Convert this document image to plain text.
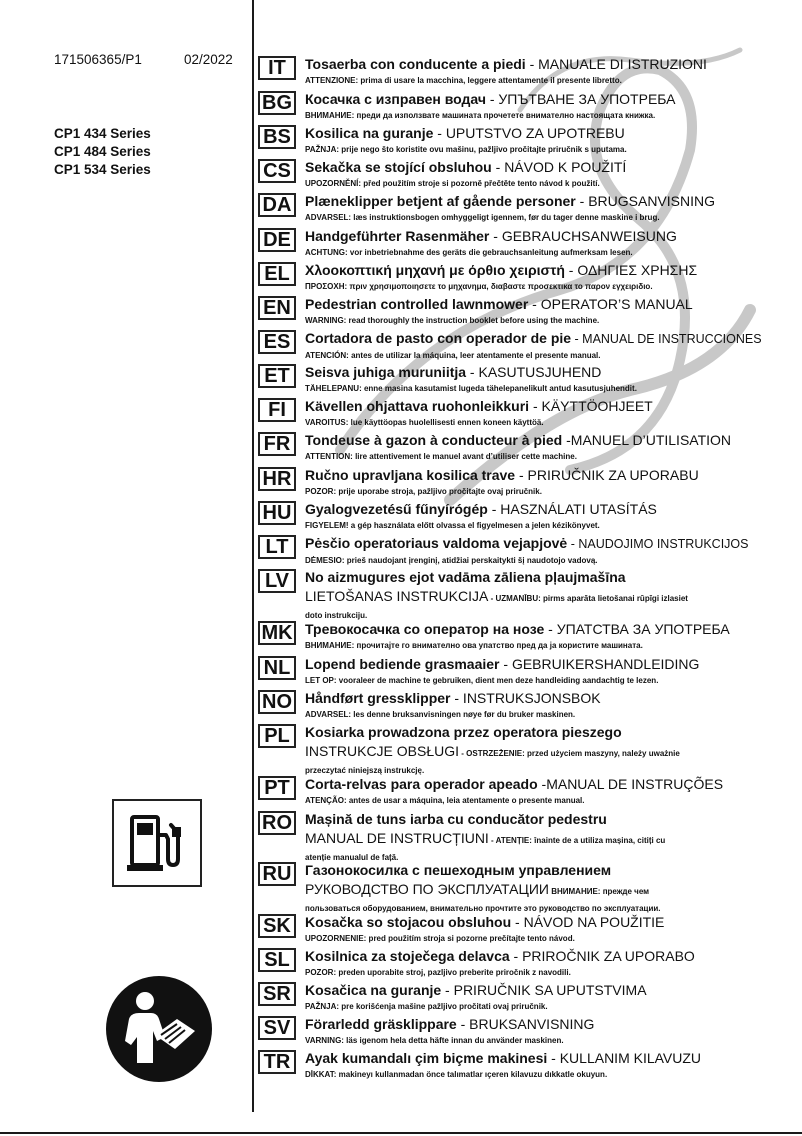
171506365/P1	02/2022
CP1 434 Series
CP1 484 Series
CP1 534 Series
IT	Tosaerba con conducente a piedi - MANUALE DI ISTRUZIONI
ATTENZIONE: prima di usare la macchina, leggere attentamente il presente libretto.
BG Косачка с изправен водач - УПЪТВАНЕ ЗА УПОТРЕБА
ВНИМАНИЕ: преди да използвате машината прочетете внимателно настоящата книжка.
BS	Kosilica na guranje - UPUTSTVO ZA UPOTREBU
PAŽNJA: prije nego što koristite ovu mašinu, pažljivo pročitajte priručnik s uputama.
CS	Sekačka se stojící obsluhou - NÁVOD K POUŽITÍ
UPOZORNĚNÍ: před použitím stroje si pozorně přečtěte tento návod k použití.
DA Plæneklipper betjent af gående personer - BRUGSANVISNING
ADVARSEL: læs instruktionsbogen omhyggeligt igennem, før du tager denne maskine i brug.
DE	Handgeführter Rasenmäher - GEBRAUCHSANWEISUNG
ACHTUNG: vor inbetriebnahme des geräts die gebrauchsanleitung aufmerksam lesen.
EL	Χλοοκοπτική μηχανή με όρθιο χειριστή - ΟΔΗΓΙΕΣ ΧΡΗΣΗΣ
ΠΡΟΣΟΧΗ: πριν χρησιμοποιησετε το μηχανημα, διαβαστε προσεκτικα το παρον εγχειριδιο.
EN	Pedestrian controlled lawnmower - OPERATOR’S MANUAL
WARNING: read thoroughly the instruction booklet before using the machine.
ES	Cortadora de pasto con operador de pie - MANUAL DE INSTRUCCIONES
ATENCIÓN: antes de utilizar la máquina, leer atentamente el presente manual.
ET	Seisva juhiga muruniitja - KASUTUSJUHEND
TÄHELEPANU: enne masina kasutamist lugeda tähelepanelikult antud kasutusjuhendit.
FI	Kävellen ohjattava ruohonleikkuri - KÄYTTÖOHJEET
VAROITUS: lue käyttöopas huolellisesti ennen koneen käyttöä.
FR	Tondeuse à gazon à conducteur à pied -MANUEL D’UTILISATION
ATTENTION: lire attentivement le manuel avant d’utiliser cette machine.
HR Ručno upravljana kosilica trave - PRIRUČNIK ZA UPORABU
POZOR: prije uporabe stroja, pažljivo pročitajte ovaj priručnik.
HU Gyalogvezetésű fűnyírógép - HASZNÁLATI UTASÍTÁS
FIGYELEM! a gép használata előtt olvassa el figyelmesen a jelen kézikönyvet.
LT	Pėsčio operatoriaus valdoma vejapjovė - NAUDOJIMO INSTRUKCIJOS
DĖMESIO: prieš naudojant įrenginį, atidžiai perskaitykti šį naudotojo vadovą.
LV	No aizmugures ejot vadāma zāliena pļaujmašīna
LIETOŠANAS INSTRUKCIJA - UZMANĪBU: pirms aparāta lietošanai rūpīgi izlasiet
doto instrukciju.
MK Тревокосачка со оператор на нозе - УПАТСТВА ЗА УПОТРЕБА
ВНИМАНИЕ: прочитајте го внимателно ова упатство пред да ја користите машината.
NL	Lopend bediende grasmaaier - GEBRUIKERSHANDLEIDING
LET OP: vooraleer de machine te gebruiken, dient men deze handleiding aandachtig te lezen.
NO Håndført gressklipper - INSTRUKSJONSBOK
ADVARSEL: les denne bruksanvisningen nøye før du bruker maskinen.
PL	Kosiarka prowadzona przez operatora pieszego
INSTRUKCJE OBSŁUGI - OSTRZEŻENIE: przed użyciem maszyny, należy uważnie
przeczytać niniejszą instrukcję.
PT	Corta-relvas para operador apeado -MANUAL DE INSTRUÇÕES
ATENÇÃO: antes de usar a máquina, leia atentamente o presente manual.
RO Mașină de tuns iarba cu conducător pedestru
MANUAL DE INSTRUCȚIUNI - ATENȚIE: înainte de a utiliza mașina, citiți cu
atenție manualul de față.
RU Газонокосилка с пешеходным управлением
РУКОВОДСТВО ПО ЭКСПЛУАТАЦИИ ВНИМАНИЕ: прежде чем
пользоваться оборудованием, внимательно прочтите это руководство по эксплуатации.
SK	Kosačka so stojacou obsluhou - NÁVOD NA POUŽITIE
UPOZORNENIE: pred použitím stroja si pozorne prečítajte tento návod.
SL	Kosilnica za stoječega delavca - PRIROČNIK ZA UPORABO
POZOR: preden uporabite stroj, pazljivo preberite priročnik z navodili.
SR	Kosačica na guranje - PRIRUČNIK SA UPUTSTVIMA
PAŽNJA: pre korišćenja mašine pažljivo pročitati ovaj priručnik.
SV	Förarledd gräsklippare - BRUKSANVISNING
VARNING: läs igenom hela detta häfte innan du använder maskinen.
TR	Ayak kumandalı çim biçme makinesi - KULLANIM KILAVUZU
DİKKAT: makineyı kullanmadan önce talımatlar ıçeren kilavuzu dıkkatle okuyun.
